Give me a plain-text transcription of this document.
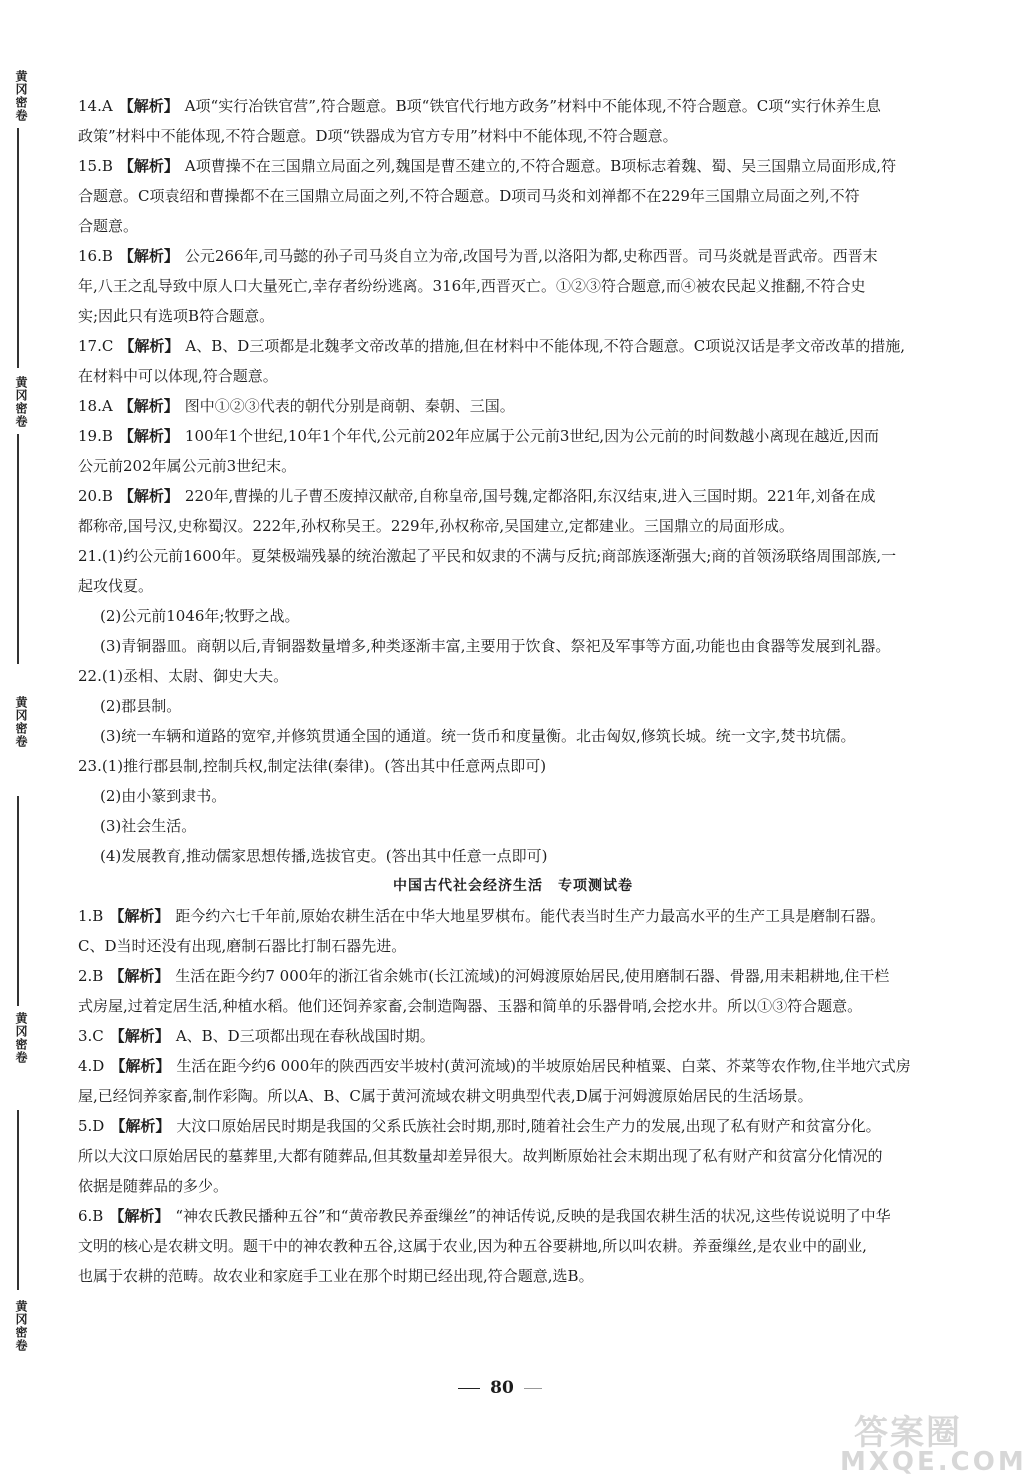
黄冈密卷
黄冈密卷
黄冈密卷
黄冈密卷
黄冈密卷
14.A 【解析】 A项“实行冶铁官营”,符合题意。B项“铁官代行地方政务”材料中不能体现,不符合题意。C项“实行休养生息
政策”材料中不能体现,不符合题意。D项“铁器成为官方专用”材料中不能体现,不符合题意。
15.B 【解析】 A项曹操不在三国鼎立局面之列,魏国是曹丕建立的,不符合题意。B项标志着魏、蜀、吴三国鼎立局面形成,符
合题意。C项袁绍和曹操都不在三国鼎立局面之列,不符合题意。D项司马炎和刘禅都不在229年三国鼎立局面之列,不符
合题意。
16.B 【解析】 公元266年,司马懿的孙子司马炎自立为帝,改国号为晋,以洛阳为都,史称西晋。司马炎就是晋武帝。西晋末
年,八王之乱导致中原人口大量死亡,幸存者纷纷逃离。316年,西晋灭亡。①②③符合题意,而④被农民起义推翻,不符合史
实;因此只有选项B符合题意。
17.C 【解析】 A、B、D三项都是北魏孝文帝改革的措施,但在材料中不能体现,不符合题意。C项说汉话是孝文帝改革的措施,
在材料中可以体现,符合题意。
18.A 【解析】 图中①②③代表的朝代分别是商朝、秦朝、三国。
19.B 【解析】 100年1个世纪,10年1个年代,公元前202年应属于公元前3世纪,因为公元前的时间数越小离现在越近,因而
公元前202年属公元前3世纪末。
20.B 【解析】 220年,曹操的儿子曹丕废掉汉献帝,自称皇帝,国号魏,定都洛阳,东汉结束,进入三国时期。221年,刘备在成
都称帝,国号汉,史称蜀汉。222年,孙权称吴王。229年,孙权称帝,吴国建立,定都建业。三国鼎立的局面形成。
21.(1)约公元前1600年。夏桀极端残暴的统治激起了平民和奴隶的不满与反抗;商部族逐渐强大;商的首领汤联络周围部族,一
起攻伐夏。
(2)公元前1046年;牧野之战。
(3)青铜器皿。商朝以后,青铜器数量增多,种类逐渐丰富,主要用于饮食、祭祀及军事等方面,功能也由食器等发展到礼器。
22.(1)丞相、太尉、御史大夫。
(2)郡县制。
(3)统一车辆和道路的宽窄,并修筑贯通全国的通道。统一货币和度量衡。北击匈奴,修筑长城。统一文字,焚书坑儒。
23.(1)推行郡县制,控制兵权,制定法律(秦律)。(答出其中任意两点即可)
(2)由小篆到隶书。
(3)社会生活。
(4)发展教育,推动儒家思想传播,选拔官吏。(答出其中任意一点即可)
中国古代社会经济生活　专项测试卷
1.B 【解析】 距今约六七千年前,原始农耕生活在中华大地星罗棋布。能代表当时生产力最高水平的生产工具是磨制石器。
C、D当时还没有出现,磨制石器比打制石器先进。
2.B 【解析】 生活在距今约7 000年的浙江省余姚市(长江流域)的河姆渡原始居民,使用磨制石器、骨器,用耒耜耕地,住干栏
式房屋,过着定居生活,种植水稻。他们还饲养家畜,会制造陶器、玉器和简单的乐器骨哨,会挖水井。所以①③符合题意。
3.C 【解析】 A、B、D三项都出现在春秋战国时期。
4.D 【解析】 生活在距今约6 000年的陕西西安半坡村(黄河流域)的半坡原始居民种植粟、白菜、芥菜等农作物,住半地穴式房
屋,已经饲养家畜,制作彩陶。所以A、B、C属于黄河流域农耕文明典型代表,D属于河姆渡原始居民的生活场景。
5.D 【解析】 大汶口原始居民时期是我国的父系氏族社会时期,那时,随着社会生产力的发展,出现了私有财产和贫富分化。
所以大汶口原始居民的墓葬里,大都有随葬品,但其数量却差异很大。故判断原始社会末期出现了私有财产和贫富分化情况的
依据是随葬品的多少。
6.B 【解析】 “神农氏教民播种五谷”和“黄帝教民养蚕缫丝”的神话传说,反映的是我国农耕生活的状况,这些传说说明了中华
文明的核心是农耕文明。题干中的神农教种五谷,这属于农业,因为种五谷要耕地,所以叫农耕。养蚕缫丝,是农业中的副业,
也属于农耕的范畴。故农业和家庭手工业在那个时期已经出现,符合题意,选B。
80
答案圈
MXQE.COM
